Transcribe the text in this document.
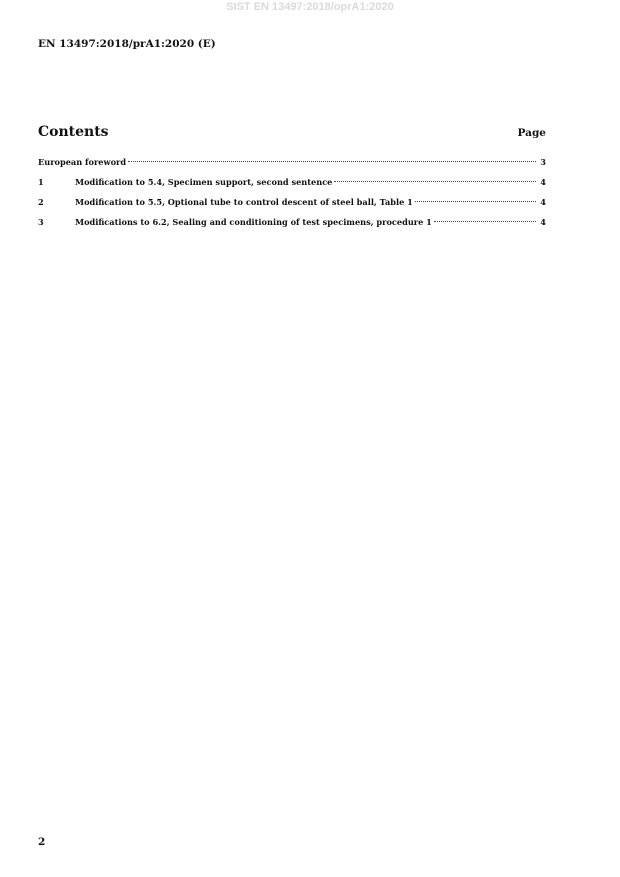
SIST EN 13497:2018/oprA1:2020
EN 13497:2018/prA1:2020 (E)
Contents	Page
European foreword	3
1	Modification to 5.4, Specimen support, second sentence	4
2	Modification to 5.5, Optional tube to control descent of steel ball, Table 1	4
3	Modifications to 6.2, Sealing and conditioning of test specimens, procedure 1	4
2
